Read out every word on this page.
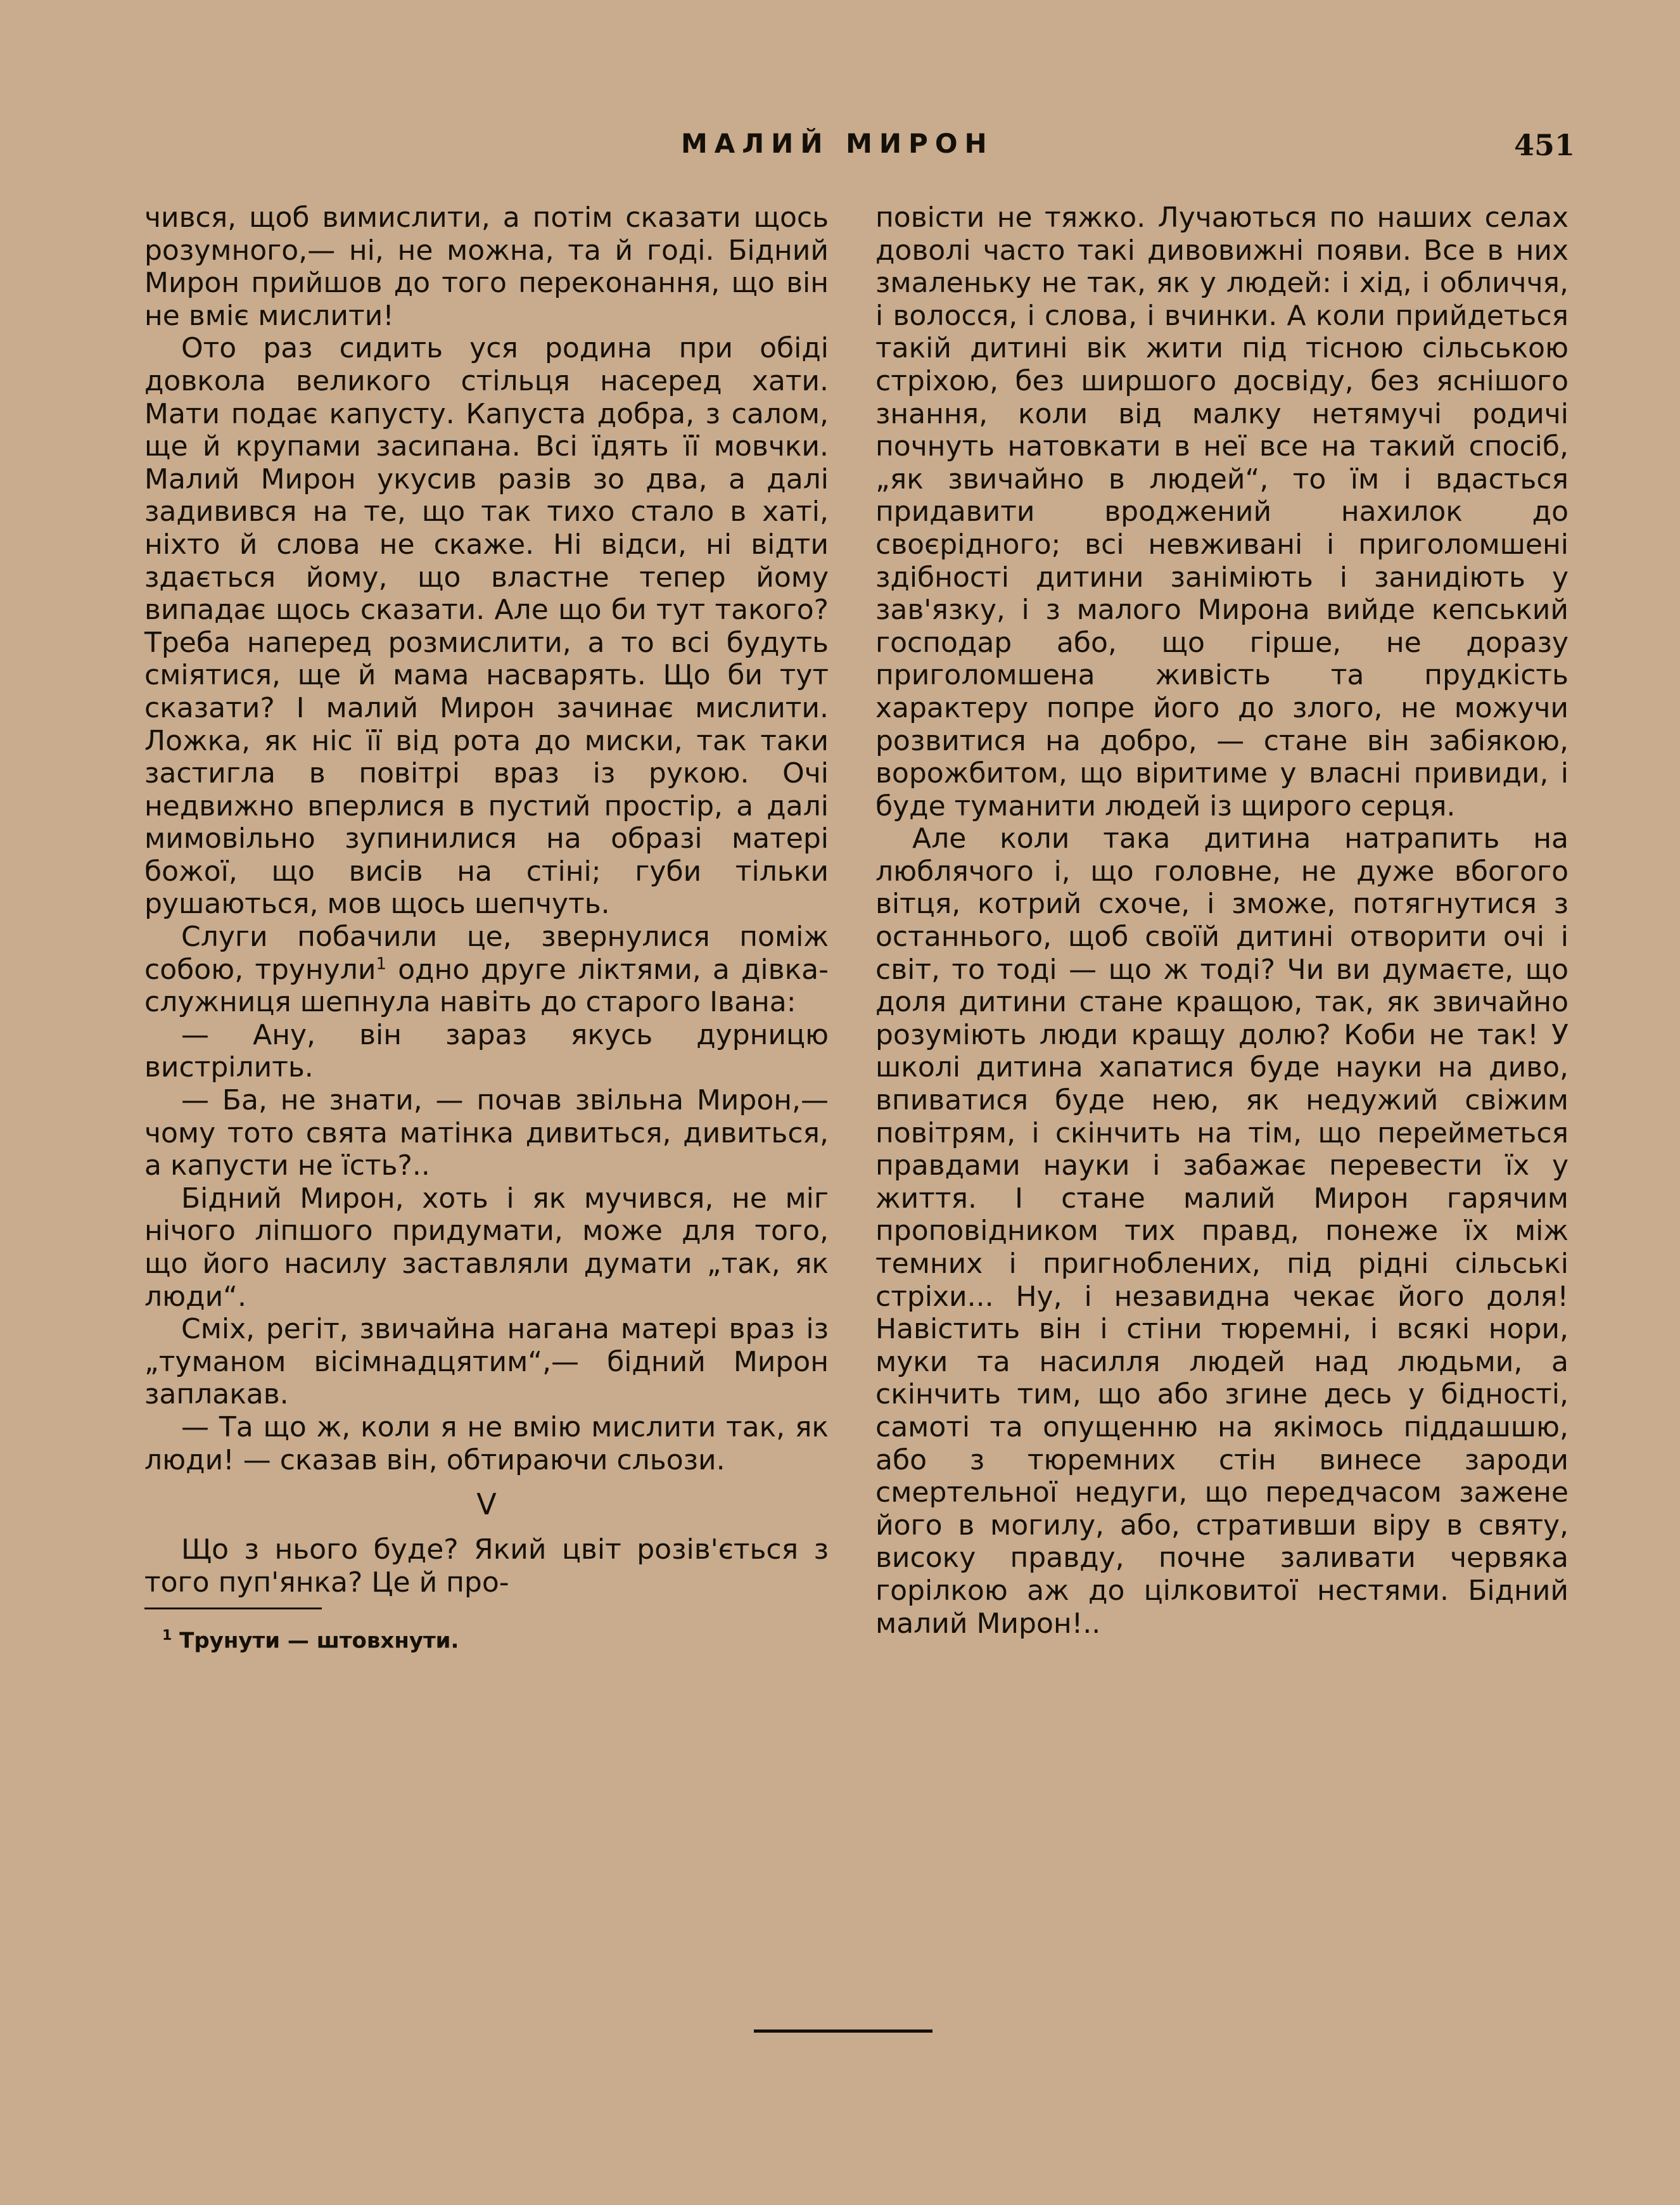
МАЛИЙ МИРОН	451

чився, щоб вимислити, а потім сказати щось розумного,— ні, не можна, та й годі. Бідний Мирон прийшов до того переконання, що він не вміє мислити!

Ото раз сидить уся родина при обіді довкола великого стільця насеред хати. Мати подає капусту. Капуста добра, з салом, ще й крупами засипана. Всі їдять її мовчки. Малий Мирон укусив разів зо два, а далі задивився на те, що так тихо стало в хаті, ніхто й слова не скаже. Ні відси, ні відти здається йому, що властне тепер йому випадає щось сказати. Але що би тут такого? Треба наперед розмислити, а то всі будуть сміятися, ще й мама насварять. Що би тут сказати? І малий Мирон зачинає мислити. Ложка, як ніс її від рота до миски, так таки застигла в повітрі враз із рукою. Очі недвижно вперлися в пустий простір, а далі мимовільно зупинилися на образі матері божої, що висів на стіні; губи тільки рушаються, мов щось шепчуть.

Слуги побачили це, звернулися поміж собою, трунули$^1$ одно друге ліктями, а дівка-служниця шепнула навіть до старого Івана:

— Ану, він зараз якусь дурницю вистрілить.

— Ба, не знати, — почав звільна Мирон,— чому тото свята матінка дивиться, дивиться, а капусти не їсть?..

Бідний Мирон, хоть і як мучився, не міг нічого ліпшого придумати, може для того, що його насилу заставляли думати „так, як люди“.

Сміх, регіт, звичайна нагана матері враз із „туманом вісімнадцятим“,— бідний Мирон заплакав.

— Та що ж, коли я не вмію мислити так, як люди! — сказав він, обтираючи сльози.

V

Що з нього буде? Який цвіт розів'ється з того пуп'янка? Це й про-

$^1$ Трунути — штовхнути.

повісти не тяжко. Лучаються по наших селах доволі часто такі дивовижні появи. Все в них змаленьку не так, як у людей: і хід, і обличчя, і волосся, і слова, і вчинки. А коли прийдеться такій дитині вік жити під тісною сільською стріхою, без ширшого досвіду, без яснішого знання, коли від малку нетямучі родичі почнуть натовкати в неї все на такий спосіб, „як звичайно в людей“, то їм і вдасться придавити вроджений нахилок до своєрідного; всі невживані і приголомшені здібності дитини заніміють і занидіють у зав'язку, і з малого Мирона вийде кепський господар або, що гірше, не доразу приголомшена живість та прудкість характеру попре його до злого, не можучи розвитися на добро, — стане він забіякою, ворожбитом, що віритиме у власні привиди, і буде туманити людей із щирого серця.

Але коли така дитина натрапить на люблячого і, що головне, не дуже вбогого вітця, котрий схоче, і зможе, потягнутися з останнього, щоб своїй дитині отворити очі і світ, то тоді — що ж тоді? Чи ви думаєте, що доля дитини стане кращою, так, як звичайно розуміють люди кращу долю? Коби не так! У школі дитина хапатися буде науки на диво, впиватися буде нею, як недужий свіжим повітрям, і скінчить на тім, що перейметься правдами науки і забажає перевести їх у життя. І стане малий Мирон гарячим проповідником тих правд, понеже їх між темних і пригноблених, під рідні сільські стріхи... Ну, і незавидна чекає його доля! Навістить він і стіни тюремні, і всякі нори, муки та насилля людей над людьми, а скінчить тим, що або згине десь у бідності, самоті та опущенню на якімось піддашшю, або з тюремних стін винесе зароди смертельної недуги, що передчасом зажене його в могилу, або, стративши віру в святу, високу правду, почне заливати червяка горілкою аж до цілковитої нестями. Бідний малий Мирон!..
